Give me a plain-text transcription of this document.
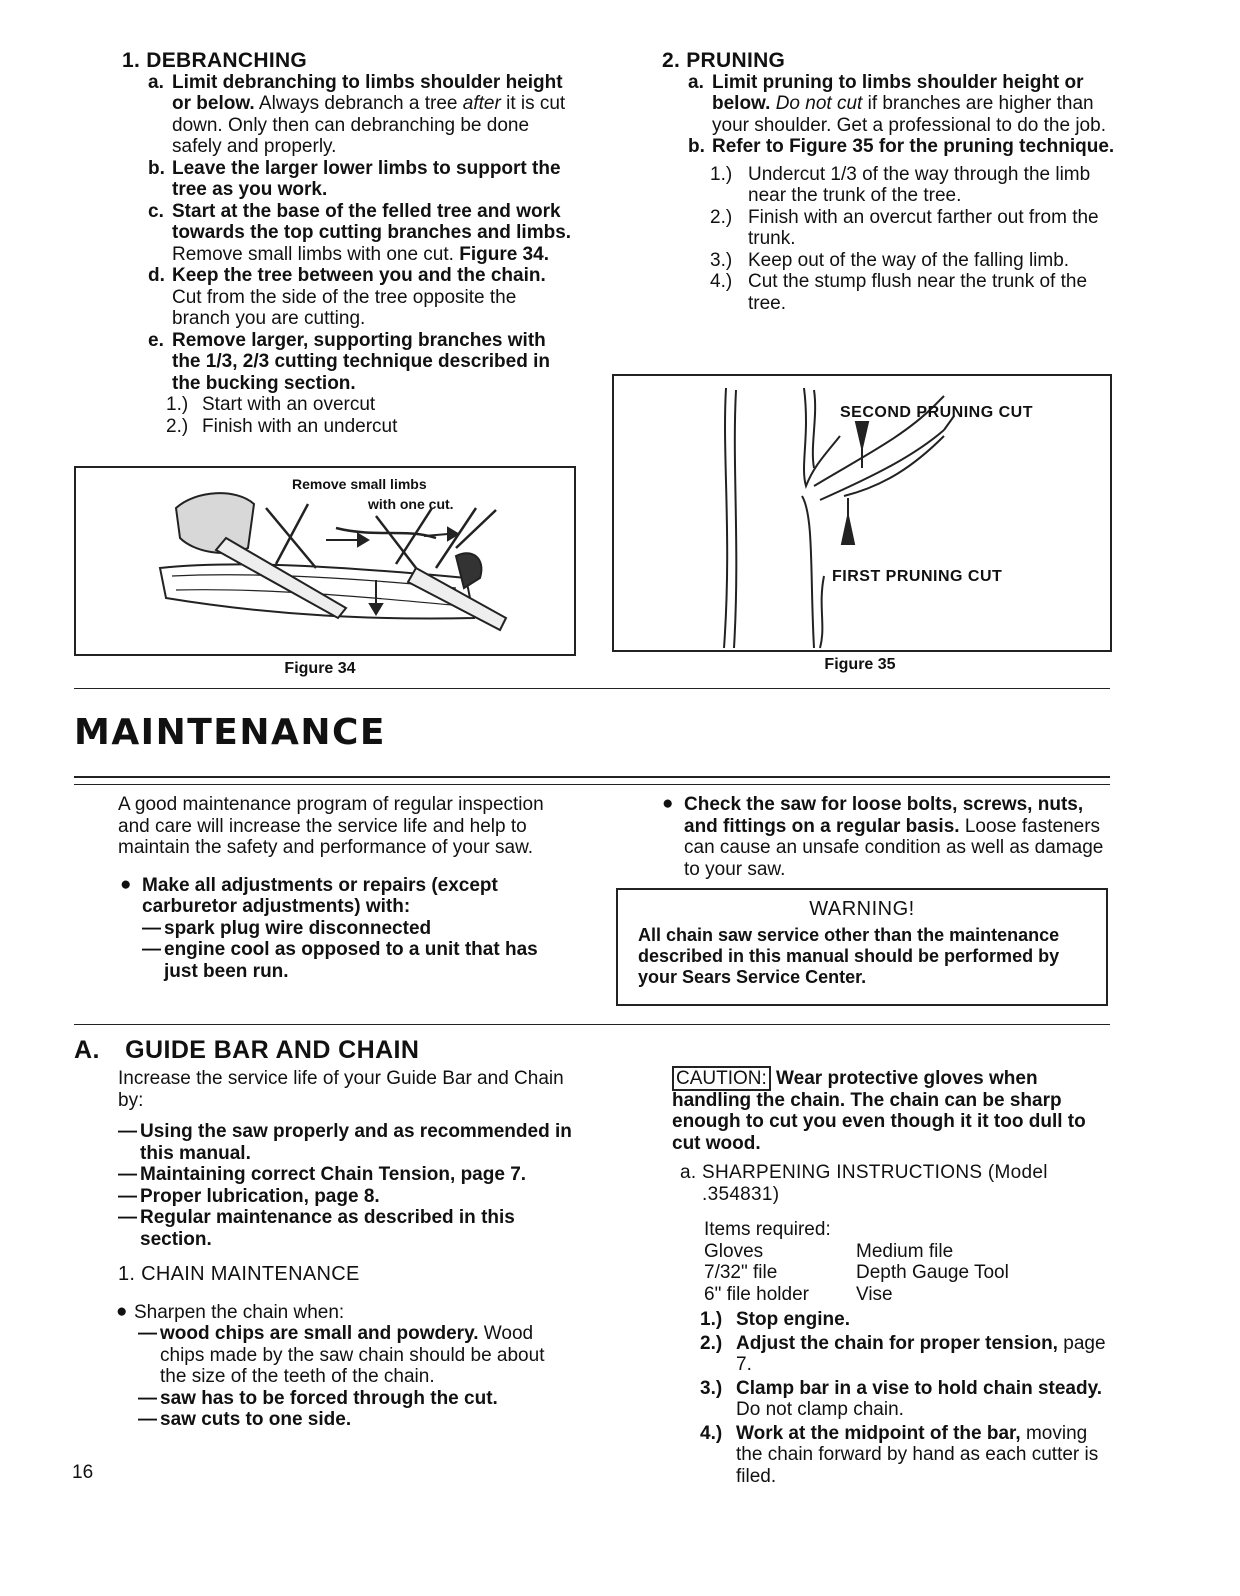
1. DEBRANCHING

a. Limit debranching to limbs shoulder height or below. Always debranch a tree after it is cut down. Only then can debranching be done safely and properly.
b. Leave the larger lower limbs to support the tree as you work.
c. Start at the base of the felled tree and work towards the top cutting branches and limbs. Remove small limbs with one cut. Figure 34.
d. Keep the tree between you and the chain. Cut from the side of the tree opposite the branch you are cutting.
e. Remove larger, supporting branches with the 1/3, 2/3 cutting technique described in the bucking section.
1.) Start with an overcut
2.) Finish with an undercut

2. PRUNING

a. Limit pruning to limbs shoulder height or below. Do not cut if branches are higher than your shoulder. Get a professional to do the job.
b. Refer to Figure 35 for the pruning technique.
1.) Undercut 1/3 of the way through the limb near the trunk of the tree.
2.) Finish with an overcut farther out from the trunk.
3.) Keep out of the way of the falling limb.
4.) Cut the stump flush near the trunk of the tree.
Remove small limbs
with one cut.
Figure 34
SECOND PRUNING CUT
FIRST PRUNING CUT
Figure 35
MAINTENANCE

A good maintenance program of regular inspection and care will increase the service life and help to maintain the safety and performance of your saw.

● Make all adjustments or repairs (except carburetor adjustments) with:
— spark plug wire disconnected
— engine cool as opposed to a unit that has just been run.
● Check the saw for loose bolts, screws, nuts, and fittings on a regular basis. Loose fasteners can cause an unsafe condition as well as damage to your saw.
WARNING!
All chain saw service other than the maintenance described in this manual should be performed by your Sears Service Center.
A. GUIDE BAR AND CHAIN

Increase the service life of your Guide Bar and Chain by:

— Using the saw properly and as recommended in this manual.
— Maintaining correct Chain Tension, page 7.
— Proper lubrication, page 8.
— Regular maintenance as described in this section.

1. CHAIN MAINTENANCE

● Sharpen the chain when:
— wood chips are small and powdery. Wood chips made by the saw chain should be about the size of the teeth of the chain.
— saw has to be forced through the cut.
— saw cuts to one side.
CAUTION: Wear protective gloves when handling the chain. The chain can be sharp enough to cut you even though it it too dull to cut wood.

a. SHARPENING INSTRUCTIONS (Model .354831)

Items required:

Gloves	Medium file
7/32" file	Depth Gauge Tool
6" file holder	Vise
1.) Stop engine.
2.) Adjust the chain for proper tension, page 7.
3.) Clamp bar in a vise to hold chain steady. Do not clamp chain.
4.) Work at the midpoint of the bar, moving the chain forward by hand as each cutter is filed.
16
